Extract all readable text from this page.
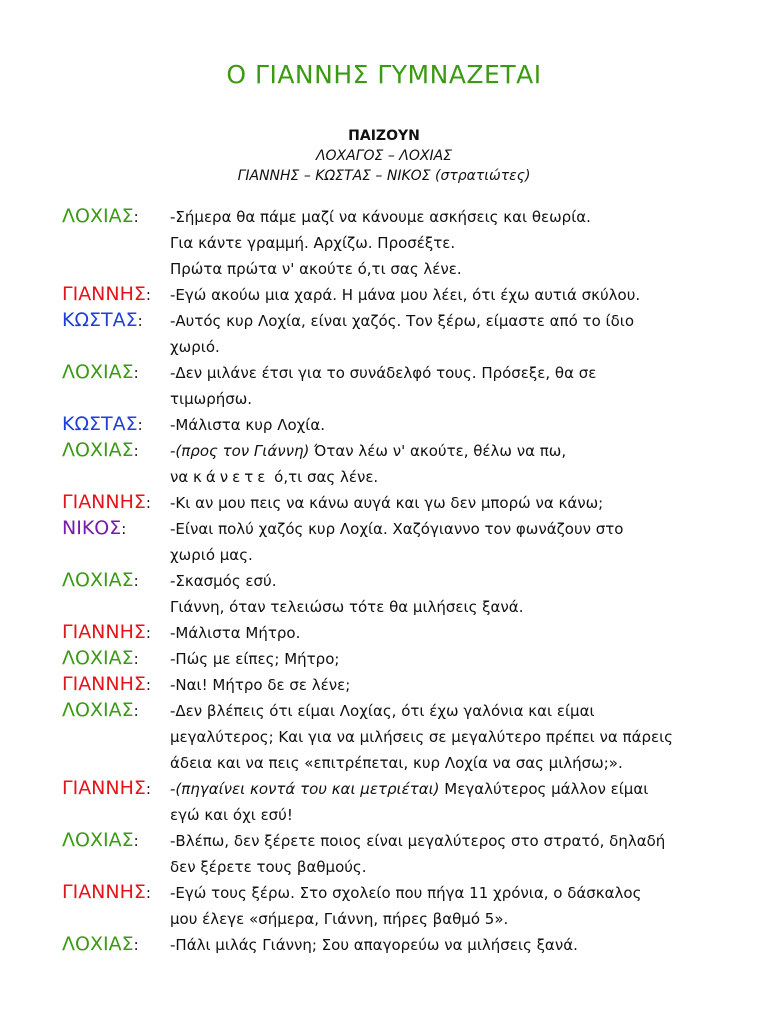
Ο ΓΙΑΝΝΗΣ ΓΥΜΝΑΖΕΤΑΙ
ΠΑΙΖΟΥΝ
ΛΟΧΑΓΟΣ – ΛΟΧΙΑΣ
ΓΙΑΝΝΗΣ – ΚΩΣΤΑΣ – ΝΙΚΟΣ (στρατιώτες)
ΛΟΧΙΑΣ: -Σήμερα θα πάμε μαζί να κάνουμε ασκήσεις και θεωρία.
Για κάντε γραμμή. Αρχίζω. Προσέξτε.
Πρώτα πρώτα ν' ακούτε ό,τι σας λένε.
ΓΙΑΝΝΗΣ: -Εγώ ακούω μια χαρά. Η μάνα μου λέει, ότι έχω αυτιά σκύλου.
ΚΩΣΤΑΣ: -Αυτός κυρ Λοχία, είναι χαζός. Τον ξέρω, είμαστε από το ίδιο
χωριό.
ΛΟΧΙΑΣ: -Δεν μιλάνε έτσι για το συνάδελφό τους. Πρόσεξε, θα σε
τιμωρήσω.
ΚΩΣΤΑΣ: -Μάλιστα κυρ Λοχία.
ΛΟΧΙΑΣ: -(προς τον Γιάννη) Όταν λέω ν' ακούτε, θέλω να πω,
να κάνετε ό,τι σας λένε.
ΓΙΑΝΝΗΣ: -Κι αν μου πεις να κάνω αυγά και γω δεν μπορώ να κάνω;
ΝΙΚΟΣ:	-Είναι πολύ χαζός κυρ Λοχία. Χαζόγιαννο τον φωνάζουν στο
χωριό μας.
ΛΟΧΙΑΣ: -Σκασμός εσύ.
Γιάννη, όταν τελειώσω τότε θα μιλήσεις ξανά.
ΓΙΑΝΝΗΣ: -Μάλιστα Μήτρο.
ΛΟΧΙΑΣ: -Πώς με είπες; Μήτρο;
ΓΙΑΝΝΗΣ: -Ναι! Μήτρο δε σε λένε;
ΛΟΧΙΑΣ: -Δεν βλέπεις ότι είμαι Λοχίας, ότι έχω γαλόνια και είμαι
μεγαλύτερος; Και για να μιλήσεις σε μεγαλύτερο πρέπει να πάρεις
άδεια και να πεις «επιτρέπεται, κυρ Λοχία να σας μιλήσω;».
ΓΙΑΝΝΗΣ: -(πηγαίνει κοντά του και μετριέται) Μεγαλύτερος μάλλον είμαι
εγώ και όχι εσύ!
ΛΟΧΙΑΣ: -Βλέπω, δεν ξέρετε ποιος είναι μεγαλύτερος στο στρατό, δηλαδή
δεν ξέρετε τους βαθμούς.
ΓΙΑΝΝΗΣ: -Εγώ τους ξέρω. Στο σχολείο που πήγα 11 χρόνια, ο δάσκαλος
μου έλεγε «σήμερα, Γιάννη, πήρες βαθμό 5».
ΛΟΧΙΑΣ: -Πάλι μιλάς Γιάννη; Σου απαγορεύω να μιλήσεις ξανά.
